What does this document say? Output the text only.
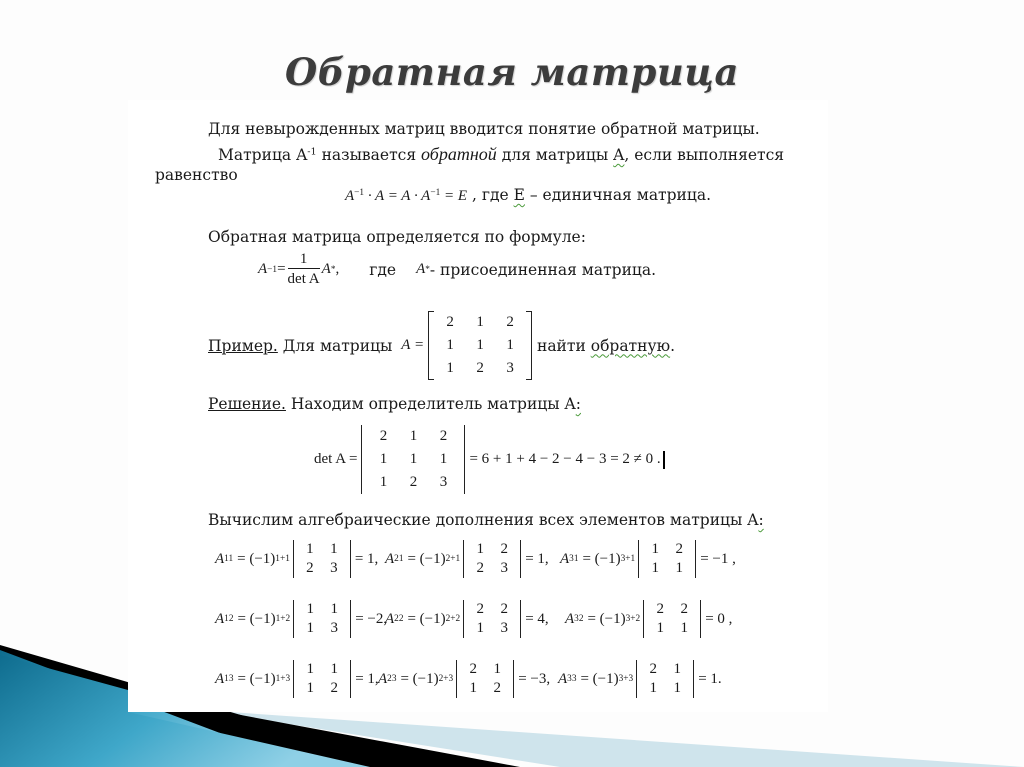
Обратная матрица
Для невырожденных матриц вводится понятие обратной матрицы.
Матрица $A^{-1}$ называется обратной для матрицы A, если выполняется
равенство
$A^{-1} \cdot A = A \cdot A^{-1} = E$ , где E – единичная матрица.
Обратная матрица определяется по формуле:
$A -1 = \frac{1}{\text{det A}}$ A * , где A * - присоединенная матрица.
Пример. Для матрицы A =
2	1	2
1	1	1
1	2	3
найти обратную .
Решение. Находим определитель матрицы A:
det A =
2	1	2
1	1	1
1	2	3
= 6 + 1 + 4 − 2 − 4 − 3 = 2 ≠ 0 .
Вычислим алгебраические дополнения всех элементов матрицы A:
A 11 = (−1) 1+1
1	1
2	3
= 1, A 21 = (−1) 2+1
1	2
2	3
= 1, A 31 = (−1) 3+1
1	2
1	1
= −1 ,
A 12 = (−1) 1+2
1	1
1	3
= −2,
A 22 = (−1) 2+2
2	2
1	3
= 4, A 32 = (−1) 3+2
2	2
1	1
= 0 ,
A 13 = (−1) 1+3
1	1
1	2
= 1, A 23 = (−1) 2+3
2	1
1	2
= −3, A 33 = (−1) 3+3
2	1
1	1
= 1.
